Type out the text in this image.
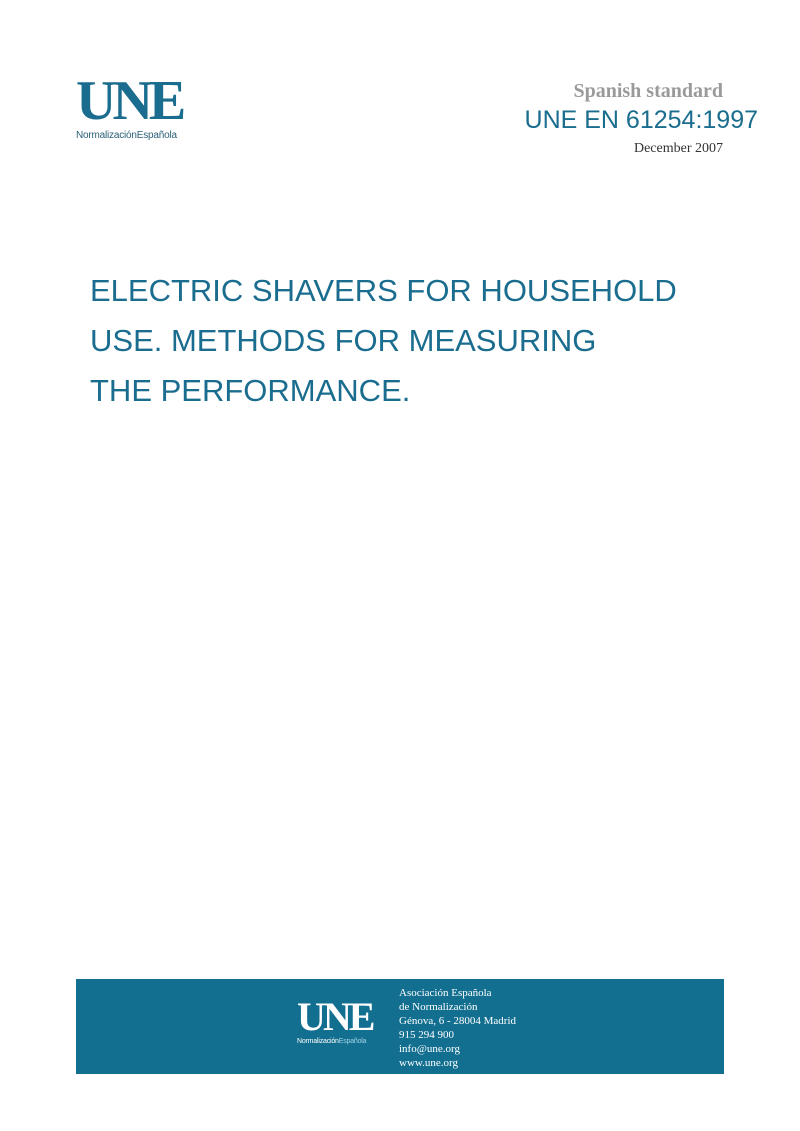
UNE
NormalizaciónEspañola
Spanish standard
UNE EN 61254:1997
December 2007
ELECTRIC SHAVERS FOR HOUSEHOLD
USE. METHODS FOR MEASURING
THE PERFORMANCE.
UNE
NormalizaciónEspañola
Asociación Española
de Normalización
Génova, 6 - 28004 Madrid
915 294 900
info@une.org
www.une.org
